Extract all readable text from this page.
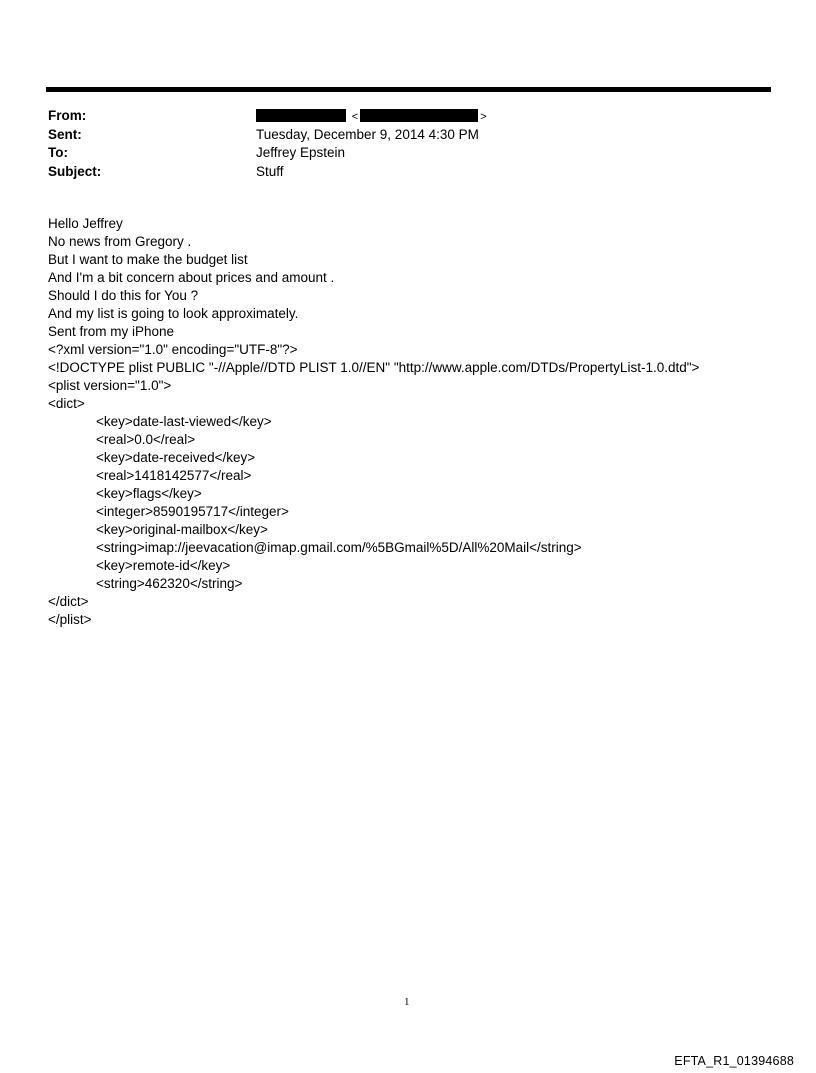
From:	<	>
Sent:	Tuesday, December 9, 2014 4:30 PM
To:	Jeffrey Epstein
Subject:	Stuff
Hello Jeffrey
No news from Gregory .
But I want to make the budget list
And I'm a bit concern about prices and amount .
Should I do this for You ?
And my list is going to look approximately.
Sent from my iPhone
<?xml version="1.0" encoding="UTF-8"?>
<!DOCTYPE plist PUBLIC "-//Apple//DTD PLIST 1.0//EN" "http://www.apple.com/DTDs/PropertyList-1.0.dtd">
<plist version="1.0">
<dict>
<key>date-last-viewed</key>
<real>0.0</real>
<key>date-received</key>
<real>1418142577</real>
<key>flags</key>
<integer>8590195717</integer>
<key>original-mailbox</key>
<string>imap://jeevacation@imap.gmail.com/%5BGmail%5D/All%20Mail</string>
<key>remote-id</key>
<string>462320</string>
</dict>
</plist>
1
EFTA_R1_01394688
